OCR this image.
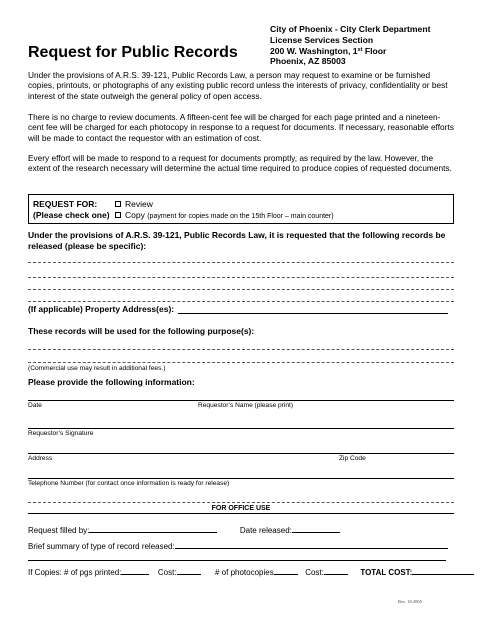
Request for Public Records
City of Phoenix - City Clerk Department
License Services Section
200 W. Washington, 1st Floor
Phoenix, AZ 85003
Under the provisions of A.R.S. 39-121, Public Records Law, a person may request to examine or be furnished copies, printouts, or photographs of any existing public record unless the interests of privacy, confidentiality or best interest of the state outweigh the general policy of open access.
There is no charge to review documents. A fifteen-cent fee will be charged for each page printed and a nineteen-cent fee will be charged for each photocopy in response to a request for documents. If necessary, reasonable efforts will be made to contact the requestor with an estimation of cost.
Every effort will be made to respond to a request for documents promptly, as required by the law. However, the extent of the research necessary will determine the actual time required to produce copies of requested documents.
REQUEST FOR:
(Please check one)
Review
Copy (payment for copies made on the 15th Floor – main counter)
Under the provisions of A.R.S. 39-121, Public Records Law, it is requested that the following records be released (please be specific):
(If applicable) Property Address(es):
These records will be used for the following purpose(s):
(Commercial use may result in additional fees.)
Please provide the following information:
Date	Requestor’s Name (please print)
Requestor’s Signature
Address	Zip Code
Telephone Number (for contact once information is ready for release)
FOR OFFICE USE
Request filled by:	Date released:
Brief summary of type of record released:
If Copies: # of pgs printed:	Cost:	# of photocopies	Cost:	TOTAL COST:
Rev. 10.2005
